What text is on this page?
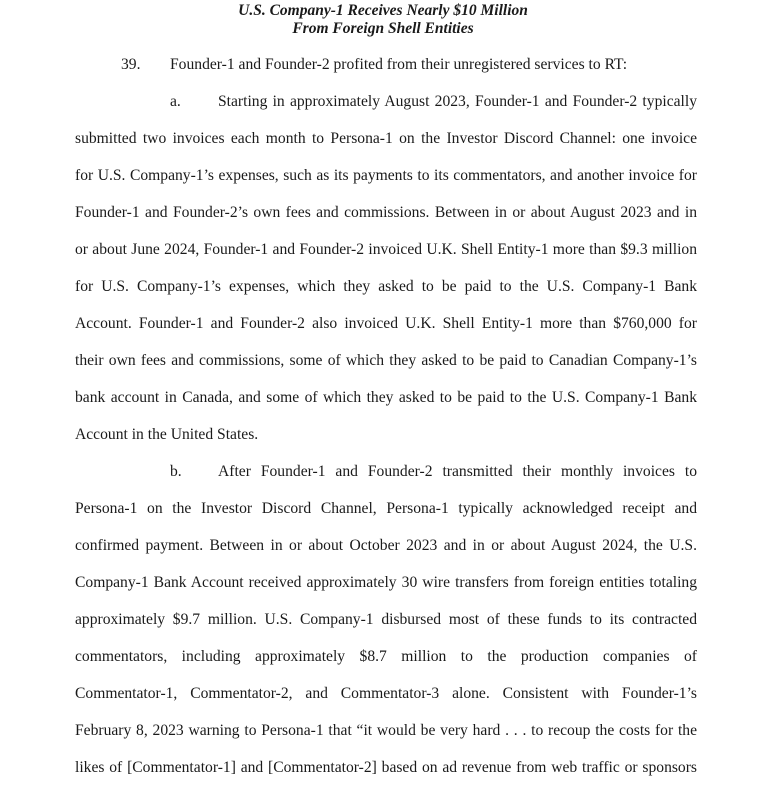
U.S. Company-1 Receives Nearly $10 Million
From Foreign Shell Entities
39. Founder-1 and Founder-2 profited from their unregistered services to RT:
a. Starting in approximately August 2023, Founder-1 and Founder-2 typically
submitted two invoices each month to Persona-1 on the Investor Discord Channel: one invoice
for U.S. Company-1’s expenses, such as its payments to its commentators, and another invoice for
Founder-1 and Founder-2’s own fees and commissions. Between in or about August 2023 and in
or about June 2024, Founder-1 and Founder-2 invoiced U.K. Shell Entity-1 more than $9.3 million
for U.S. Company-1’s expenses, which they asked to be paid to the U.S. Company-1 Bank
Account. Founder-1 and Founder-2 also invoiced U.K. Shell Entity-1 more than $760,000 for
their own fees and commissions, some of which they asked to be paid to Canadian Company-1’s
bank account in Canada, and some of which they asked to be paid to the U.S. Company-1 Bank
Account in the United States.
b. After Founder-1 and Founder-2 transmitted their monthly invoices to
Persona-1 on the Investor Discord Channel, Persona-1 typically acknowledged receipt and
confirmed payment. Between in or about October 2023 and in or about August 2024, the U.S.
Company-1 Bank Account received approximately 30 wire transfers from foreign entities totaling
approximately $9.7 million. U.S. Company-1 disbursed most of these funds to its contracted
commentators, including approximately $8.7 million to the production companies of
Commentator-1, Commentator-2, and Commentator-3 alone. Consistent with Founder-1’s
February 8, 2023 warning to Persona-1 that “it would be very hard . . . to recoup the costs for the
likes of [Commentator-1] and [Commentator-2] based on ad revenue from web traffic or sponsors
